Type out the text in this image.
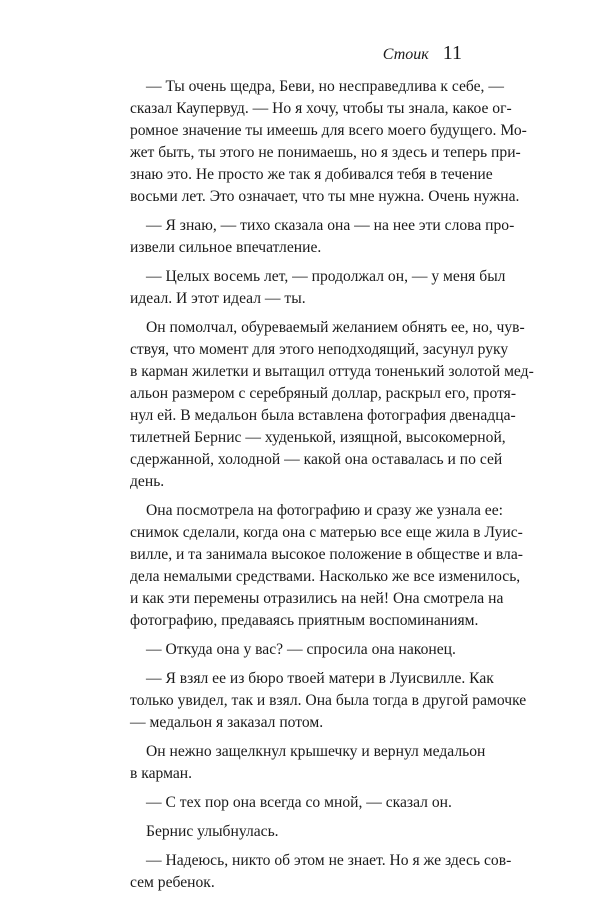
Стоик 11

— Ты очень щедра, Беви, но несправедлива к себе, —
сказал Каупервуд. — Но я хочу, чтобы ты знала, какое ог-
ромное значение ты имеешь для всего моего будущего. Мо-
жет быть, ты этого не понимаешь, но я здесь и теперь при-
знаю это. Не просто же так я добивался тебя в течение
восьми лет. Это означает, что ты мне нужна. Очень нужна.

— Я знаю, — тихо сказала она — на нее эти слова про-
извели сильное впечатление.

— Целых восемь лет, — продолжал он, — у меня был
идеал. И этот идеал — ты.

Он помолчал, обуреваемый желанием обнять ее, но, чув-
ствуя, что момент для этого неподходящий, засунул руку
в карман жилетки и вытащил оттуда тоненький золотой мед-
альон размером с серебряный доллар, раскрыл его, протя-
нул ей. В медальон была вставлена фотография двенадца-
тилетней Бернис — худенькой, изящной, высокомерной,
сдержанной, холодной — какой она оставалась и по сей
день.

Она посмотрела на фотографию и сразу же узнала ее:
снимок сделали, когда она с матерью все еще жила в Луис-
вилле, и та занимала высокое положение в обществе и вла-
дела немалыми средствами. Насколько же все изменилось,
и как эти перемены отразились на ней! Она смотрела на
фотографию, предаваясь приятным воспоминаниям.

— Откуда она у вас? — спросила она наконец.

— Я взял ее из бюро твоей матери в Луисвилле. Как
только увидел, так и взял. Она была тогда в другой рамочке
— медальон я заказал потом.

Он нежно защелкнул крышечку и вернул медальон
в карман.

— С тех пор она всегда со мной, — сказал он.

Бернис улыбнулась.

— Надеюсь, никто об этом не знает. Но я же здесь сов-
сем ребенок.
